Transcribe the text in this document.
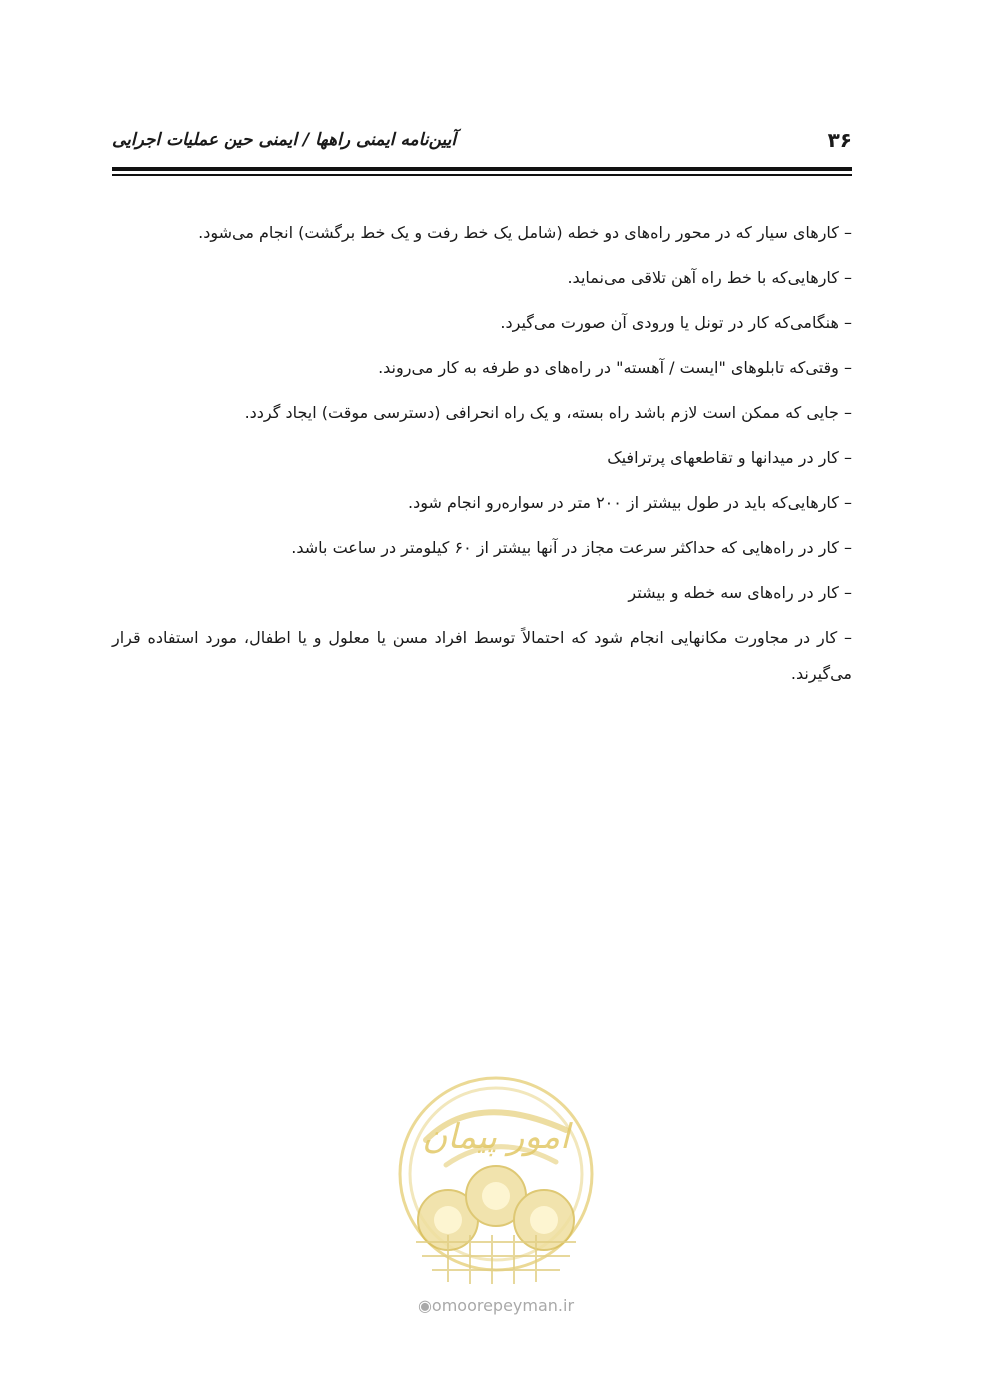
۳۶
آیین‌نامه ایمنی راهها / ایمنی حین عملیات اجرایی

– کارهای سیار که در محور راه‌های دو خطه (شامل یک خط رفت و یک خط برگشت) انجام می‌شود.

– کارهایی‌که با خط راه آهن تلاقی می‌نماید.

– هنگامی‌که کار در تونل یا ورودی آن صورت می‌گیرد.

– وقتی‌که تابلوهای "ایست / آهسته" در راه‌های دو طرفه به کار می‌روند.

– جایی که ممکن است لازم باشد راه بسته، و یک راه انحرافی (دسترسی موقت) ایجاد گردد.

– کار در میدانها و تقاطعهای پرترافیک

– کارهایی‌که باید در طول بیشتر از ۲۰۰ متر در سواره‌رو انجام شود.

– کار در راه‌هایی که حداکثر سرعت مجاز در آنها بیشتر از ۶۰ کیلومتر در ساعت باشد.

– کار در راه‌های سه خطه و بیشتر

– کار در مجاورت مکانهایی انجام شود که احتمالاً توسط افراد مسن یا معلول و یا اطفال، مورد استفاده قرار می‌گیرند.

امور پیمان
◉omoorepeyman.ir
